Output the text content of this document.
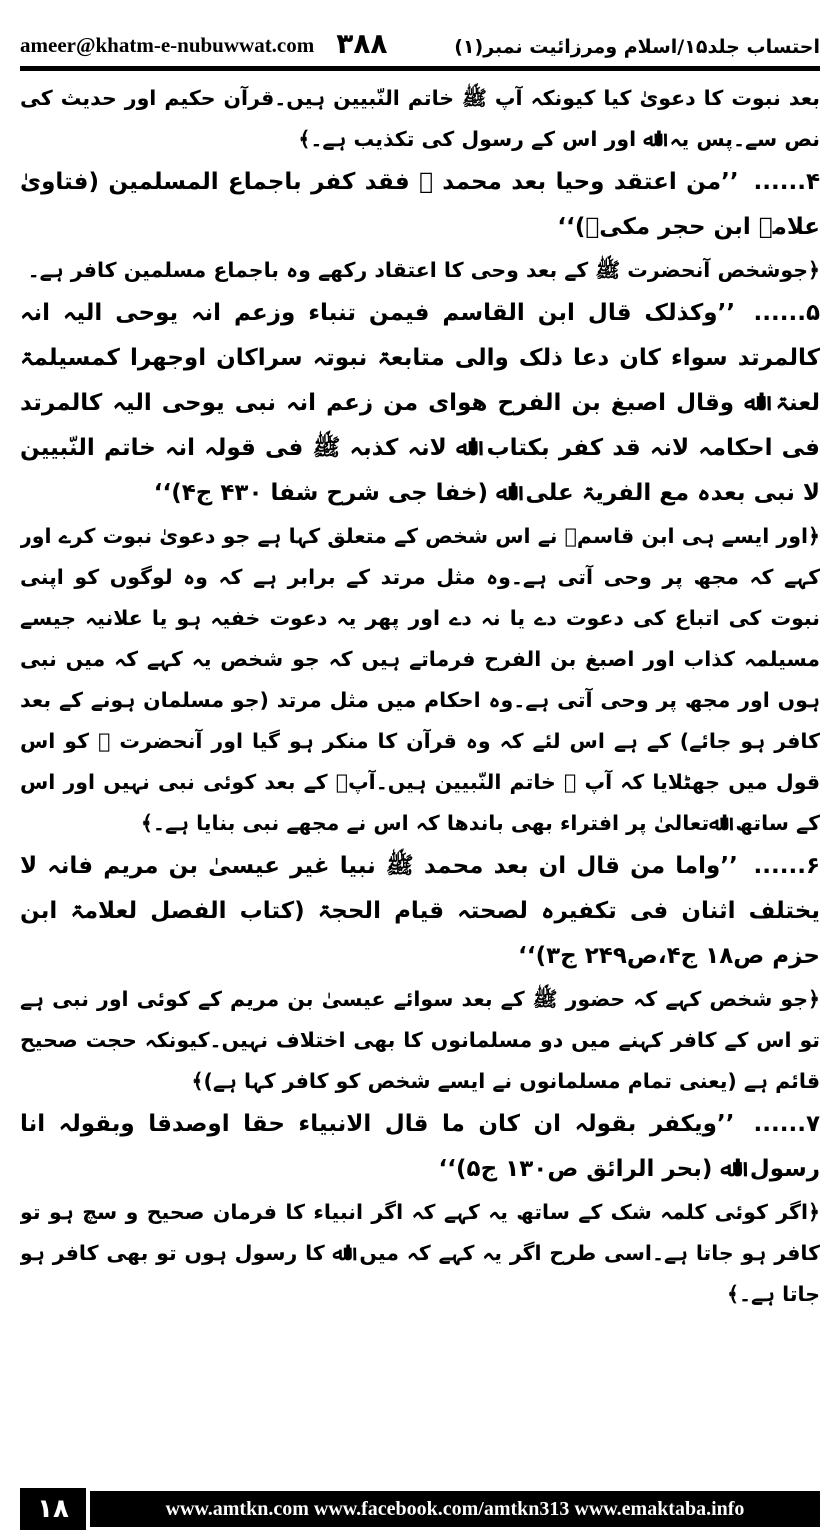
ameer@khatm-e-nubuwwat.com ۳۸۸	احتساب جلد۱۵/اسلام ومرزائیت نمبر(۱)

بعد نبوت کا دعویٰ کیا کیونکہ آپ ﷺ خاتم النّبیین ہیں۔قرآن حکیم اور حدیث کی نص سے۔پس یہ اﷲ اور اس کے رسول کی تکذیب ہے۔﴾

۴...... ’’من اعتقد وحیا بعد محمد ﷺ فقد کفر باجماع المسلمین (فتاویٰ علامہ ابن حجر مکیؒ)‘‘

﴿جوشخص آنحضرت ﷺ کے بعد وحی کا اعتقاد رکھے وہ باجماع مسلمین کافر ہے۔

۵...... ’’وکذلک قال ابن القاسم فیمن تنباء وزعم انہ یوحی الیہ انہ کالمرتد سواء کان دعا ذلک والی متابعۃ نبوتہ سراکان اوجھرا کمسیلمۃ لعنۃ اﷲ وقال اصبغ بن الفرح ھوای من زعم انہ نبی یوحی الیہ کالمرتد فی احکامہ لانہ قد کفر بکتاب اﷲ لانہ کذبہ ﷺ فی قولہ انہ خاتم النّبیین لا نبی بعدہ مع الفریۃ علی اﷲ (خفا جی شرح شفا ۴۳۰ ج۴)‘‘

﴿اور ایسے ہی ابن قاسمؒ نے اس شخص کے متعلق کہا ہے جو دعویٰ نبوت کرے اور کہے کہ مجھ پر وحی آتی ہے۔وہ مثل مرتد کے برابر ہے کہ وہ لوگوں کو اپنی نبوت کی اتباع کی دعوت دے یا نہ دے اور پھر یہ دعوت خفیہ ہو یا علانیہ جیسے مسیلمہ کذاب اور اصبغ بن الفرح فرماتے ہیں کہ جو شخص یہ کہے کہ میں نبی ہوں اور مجھ پر وحی آتی ہے۔وہ احکام میں مثل مرتد (جو مسلمان ہونے کے بعد کافر ہو جائے) کے ہے اس لئے کہ وہ قرآن کا منکر ہو گیا اور آنحضرت ﷺ کو اس قول میں جھٹلایا کہ آپ ﷺ خاتم النّبیین ہیں۔آپؐ کے بعد کوئی نبی نہیں اور اس کے ساتھ اﷲتعالیٰ پر افتراء بھی باندھا کہ اس نے مجھے نبی بنایا ہے۔﴾

۶...... ’’واما من قال ان بعد محمد ﷺ نبیا غیر عیسیٰ بن مریم فانہ لا یختلف اثنان فی تکفیرہ لصحتہ قیام الحجۃ (کتاب الفصل لعلامۃ ابن حزم ص۱۸ ج۴،ص۲۴۹ ج۳)‘‘

﴿جو شخص کہے کہ حضور ﷺ کے بعد سوائے عیسیٰ بن مریم کے کوئی اور نبی ہے تو اس کے کافر کہنے میں دو مسلمانوں کا بھی اختلاف نہیں۔کیونکہ حجت صحیح قائم ہے (یعنی تمام مسلمانوں نے ایسے شخص کو کافر کہا ہے)﴾

۷...... ’’ویکفر بقولہ ان کان ما قال الانبیاء حقا اوصدقا وبقولہ انا رسول اﷲ (بحر الرائق ص۱۳۰ ج۵)‘‘

﴿اگر کوئی کلمہ شک کے ساتھ یہ کہے کہ اگر انبیاء کا فرمان صحیح و سچ ہو تو کافر ہو جاتا ہے۔اسی طرح اگر یہ کہے کہ میں اﷲ کا رسول ہوں تو بھی کافر ہو جاتا ہے۔﴾

۱۸	www.amtkn.com www.facebook.com/amtkn313 www.emaktaba.info
